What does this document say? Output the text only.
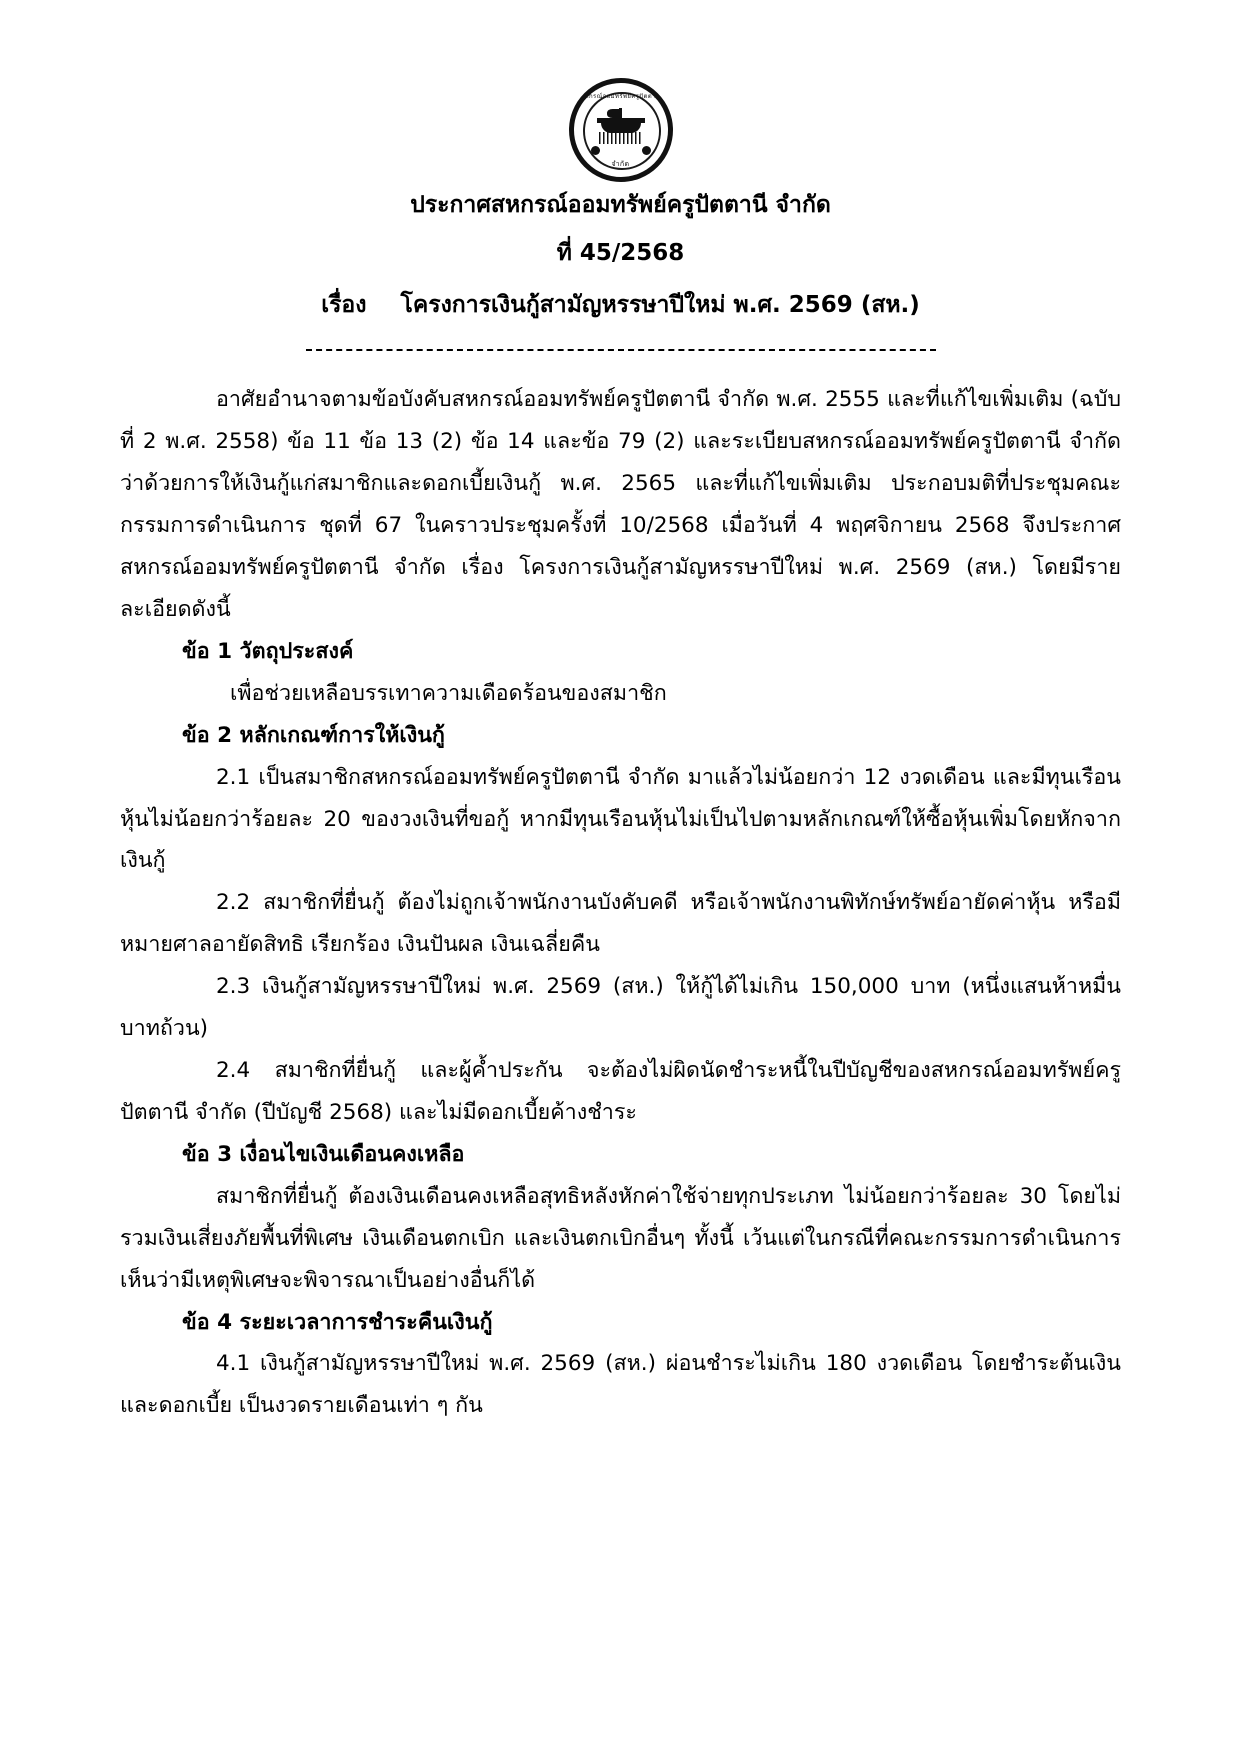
สหกรณ์ออมทรัพย์ครูปัตตานี
จำกัด
ประกาศสหกรณ์ออมทรัพย์ครูปัตตานี จำกัด
ที่ 45/2568
เรื่อง โครงการเงินกู้สามัญหรรษาปีใหม่ พ.ศ. 2569 (สห.)

อาศัยอำนาจตามข้อบังคับสหกรณ์ออมทรัพย์ครูปัตตานี จำกัด พ.ศ. 2555 และที่แก้ไขเพิ่มเติม (ฉบับที่ 2 พ.ศ. 2558) ข้อ 11 ข้อ 13 (2) ข้อ 14 และข้อ 79 (2) และระเบียบสหกรณ์ออมทรัพย์ครูปัตตานี จำกัด ว่าด้วยการให้เงินกู้แก่สมาชิกและดอกเบี้ยเงินกู้ พ.ศ. 2565 และที่แก้ไขเพิ่มเติม ประกอบมติที่ประชุมคณะกรรมการดำเนินการ ชุดที่ 67 ในคราวประชุมครั้งที่ 10/2568 เมื่อวันที่ 4 พฤศจิกายน 2568 จึงประกาศสหกรณ์ออมทรัพย์ครูปัตตานี จำกัด เรื่อง โครงการเงินกู้สามัญหรรษาปีใหม่ พ.ศ. 2569 (สห.) โดยมีรายละเอียดดังนี้

ข้อ 1 วัตถุประสงค์

เพื่อช่วยเหลือบรรเทาความเดือดร้อนของสมาชิก

ข้อ 2 หลักเกณฑ์การให้เงินกู้

2.1 เป็นสมาชิกสหกรณ์ออมทรัพย์ครูปัตตานี จำกัด มาแล้วไม่น้อยกว่า 12 งวดเดือน และมีทุนเรือนหุ้นไม่น้อยกว่าร้อยละ 20 ของวงเงินที่ขอกู้ หากมีทุนเรือนหุ้นไม่เป็นไปตามหลักเกณฑ์ให้ซื้อหุ้นเพิ่มโดยหักจากเงินกู้

2.2 สมาชิกที่ยื่นกู้ ต้องไม่ถูกเจ้าพนักงานบังคับคดี หรือเจ้าพนักงานพิทักษ์ทรัพย์อายัดค่าหุ้น หรือมีหมายศาลอายัดสิทธิ เรียกร้อง เงินปันผล เงินเฉลี่ยคืน

2.3 เงินกู้สามัญหรรษาปีใหม่ พ.ศ. 2569 (สห.) ให้กู้ได้ไม่เกิน 150,000 บาท (หนึ่งแสนห้าหมื่นบาทถ้วน)

2.4 สมาชิกที่ยื่นกู้ และผู้ค้ำประกัน จะต้องไม่ผิดนัดชำระหนี้ในปีบัญชีของสหกรณ์ออมทรัพย์ครูปัตตานี จำกัด (ปีบัญชี 2568) และไม่มีดอกเบี้ยค้างชำระ

ข้อ 3 เงื่อนไขเงินเดือนคงเหลือ

สมาชิกที่ยื่นกู้ ต้องเงินเดือนคงเหลือสุทธิหลังหักค่าใช้จ่ายทุกประเภท ไม่น้อยกว่าร้อยละ 30 โดยไม่รวมเงินเสี่ยงภัยพื้นที่พิเศษ เงินเดือนตกเบิก และเงินตกเบิกอื่นๆ ทั้งนี้ เว้นแต่ในกรณีที่คณะกรรมการดำเนินการเห็นว่ามีเหตุพิเศษจะพิจารณาเป็นอย่างอื่นก็ได้

ข้อ 4 ระยะเวลาการชำระคืนเงินกู้

4.1 เงินกู้สามัญหรรษาปีใหม่ พ.ศ. 2569 (สห.) ผ่อนชำระไม่เกิน 180 งวดเดือน โดยชำระต้นเงินและดอกเบี้ย เป็นงวดรายเดือนเท่า ๆ กัน
